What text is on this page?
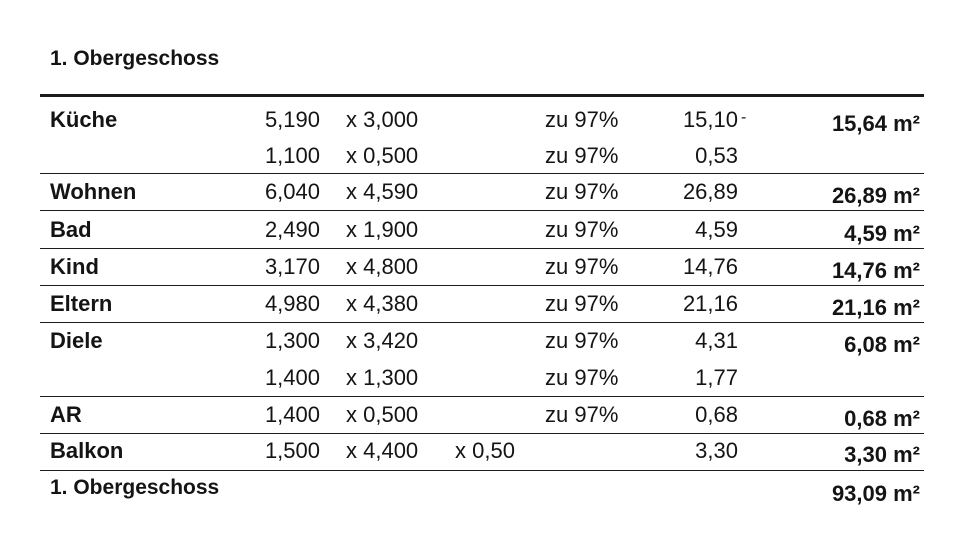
1. Obergeschoss
Küche	5,190 x 3,000	zu 97%	15,10 -	15,64 m²
1,100 x 0,500	zu 97%	0,53
Wohnen	6,040 x 4,590	zu 97%	26,89	26,89 m²
Bad	2,490 x 1,900	zu 97%	4,59	4,59 m²
Kind	3,170 x 4,800	zu 97%	14,76	14,76 m²
Eltern	4,980 x 4,380	zu 97%	21,16	21,16 m²
Diele	1,300 x 3,420	zu 97%	4,31	6,08 m²
1,400 x 1,300	zu 97%	1,77
AR	1,400 x 0,500	zu 97%	0,68	0,68 m²
Balkon	1,500 x 4,400 x 0,50	3,30	3,30 m²
1. Obergeschoss	93,09 m²
